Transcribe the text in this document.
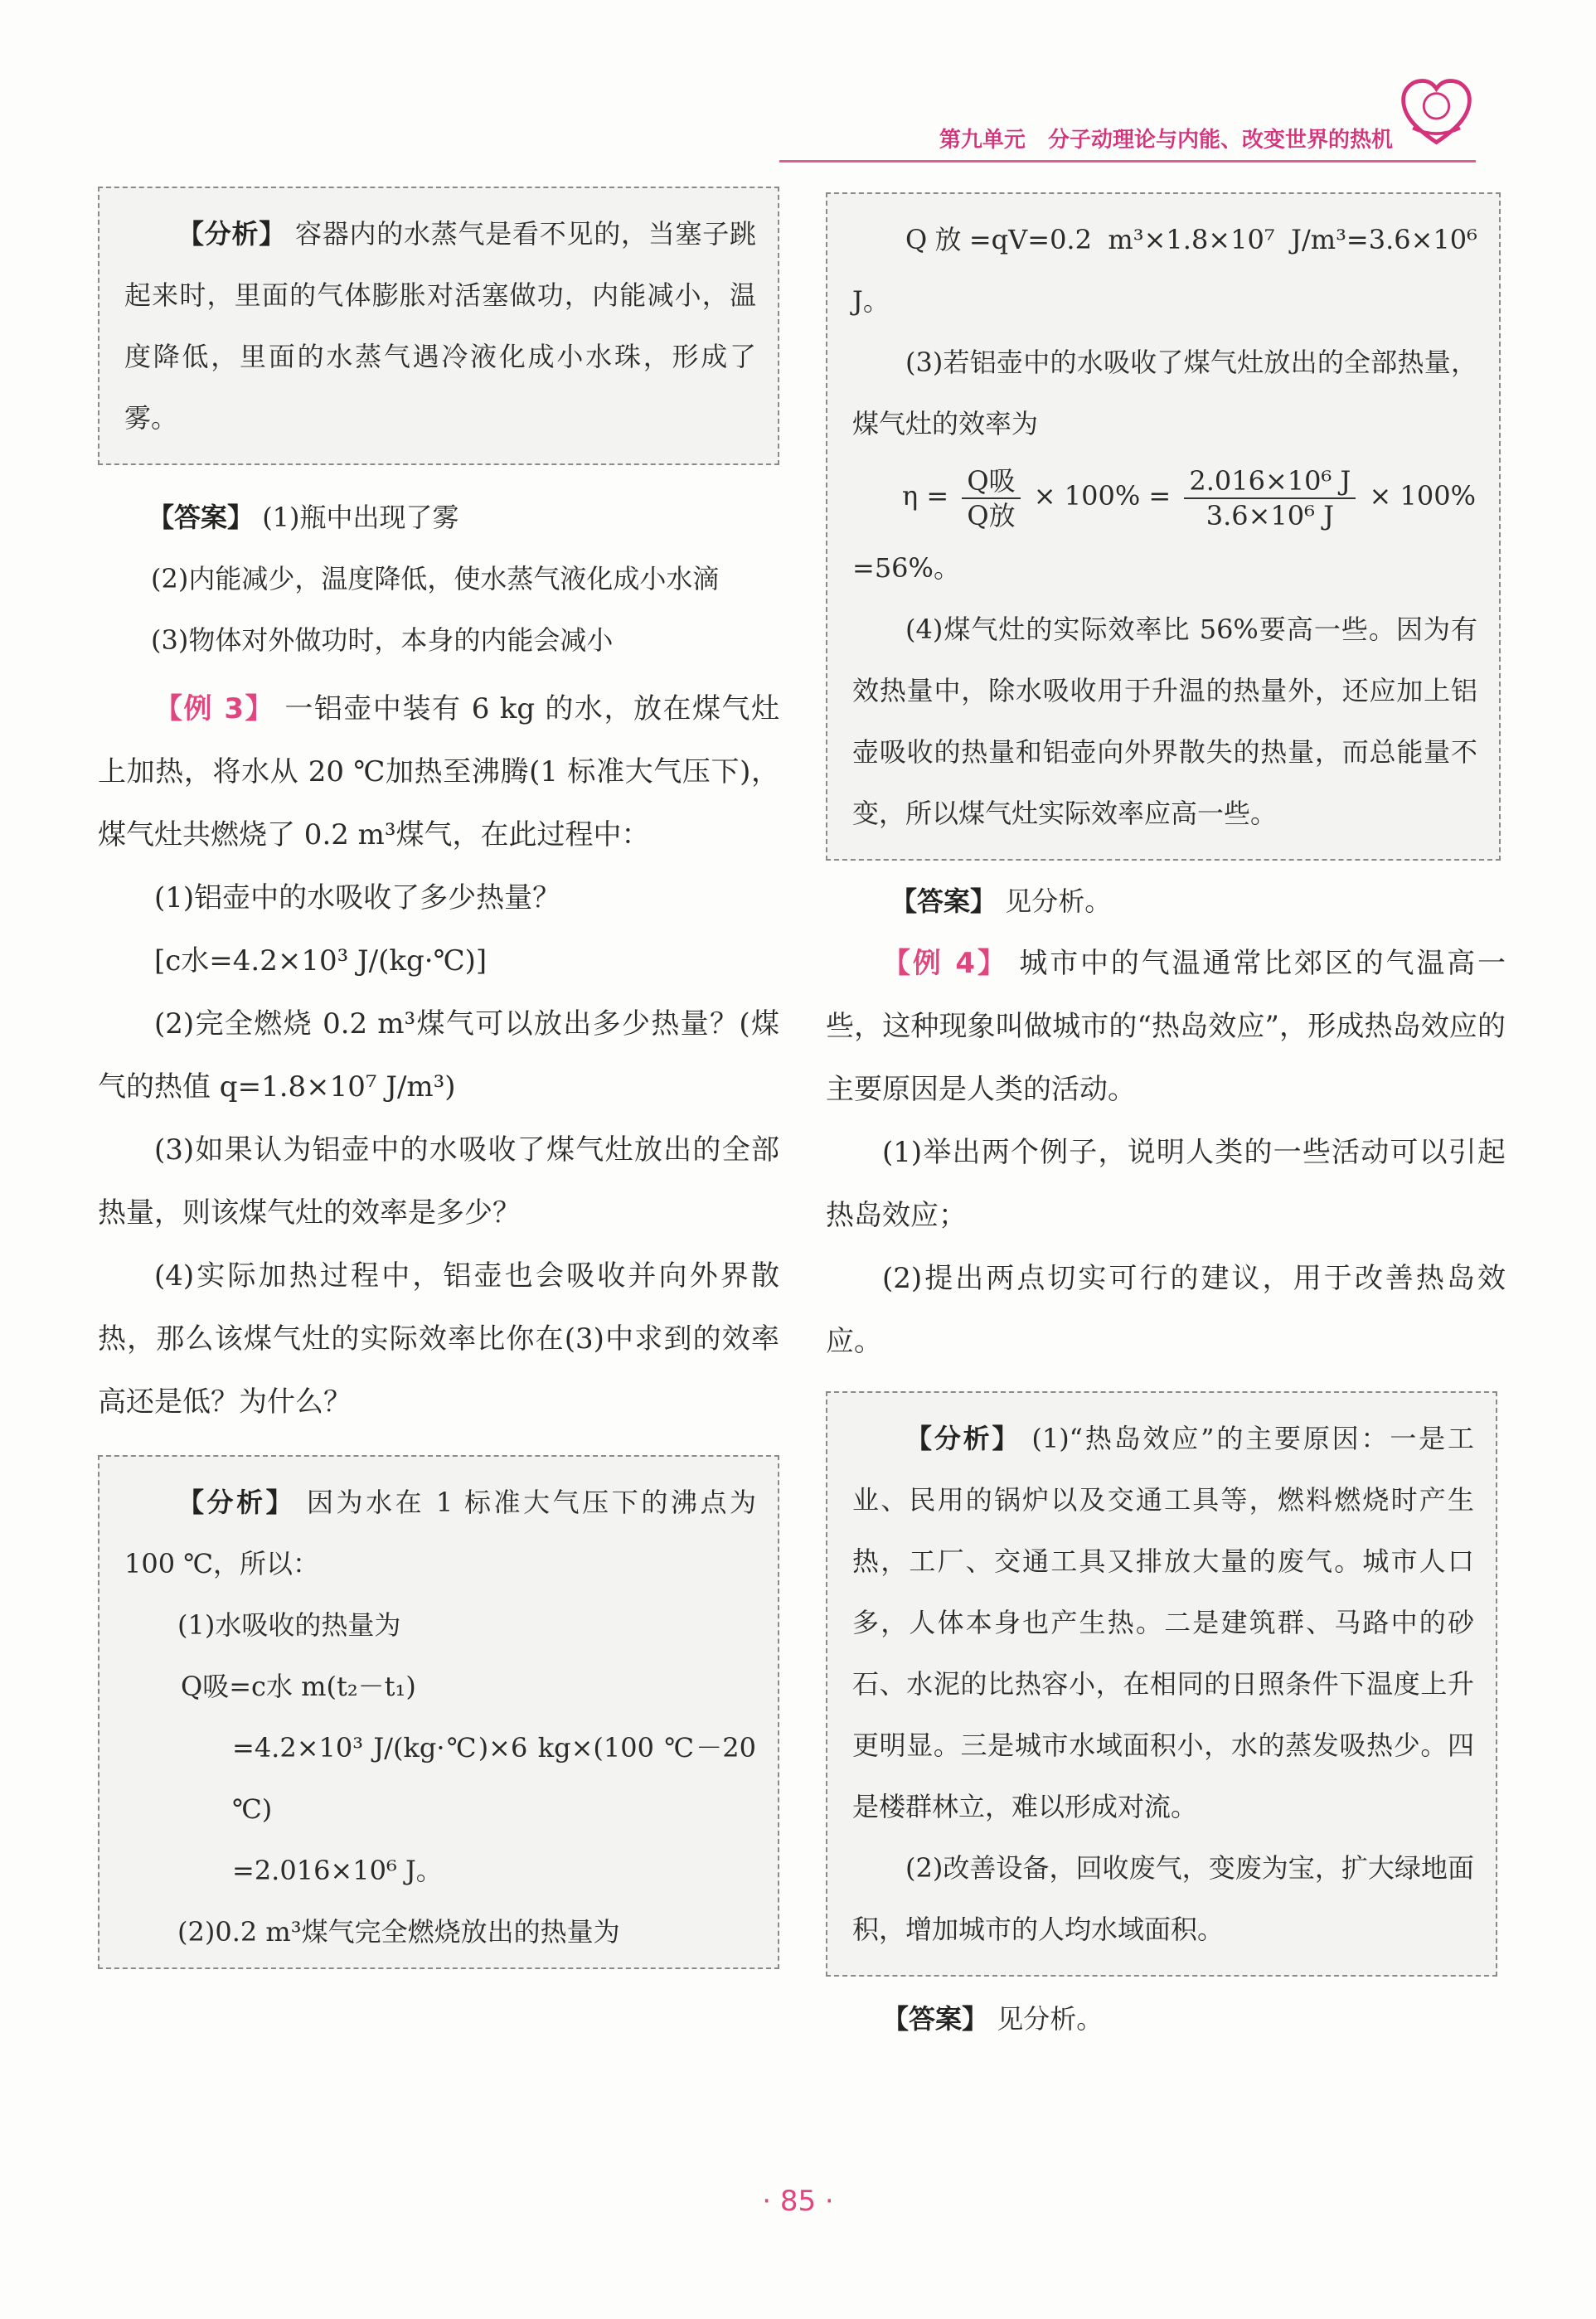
第九单元 分子动理论与内能、改变世界的热机

【分析】 容器内的水蒸气是看不见的，当塞子跳起来时，里面的气体膨胀对活塞做功，内能减小，温度降低，里面的水蒸气遇冷液化成小水珠，形成了雾。

【答案】 (1)瓶中出现了雾

(2)内能减少，温度降低，使水蒸气液化成小水滴

(3)物体对外做功时，本身的内能会减小

【例 3】 一铝壶中装有 6 kg 的水，放在煤气灶上加热，将水从 20 ℃加热至沸腾(1 标准大气压下)，煤气灶共燃烧了 0.2 m³煤气，在此过程中：

(1)铝壶中的水吸收了多少热量？

[c水=4.2×10³ J/(kg·℃)]

(2)完全燃烧 0.2 m³煤气可以放出多少热量？(煤气的热值 q=1.8×10⁷ J/m³)

(3)如果认为铝壶中的水吸收了煤气灶放出的全部热量，则该煤气灶的效率是多少？

(4)实际加热过程中，铝壶也会吸收并向外界散热，那么该煤气灶的实际效率比你在(3)中求到的效率高还是低？为什么？

【分析】 因为水在 1 标准大气压下的沸点为 100 ℃，所以：

(1)水吸收的热量为

Q吸=c水 m(t₂－t₁)

=4.2×10³ J/(kg·℃)×6 kg×(100 ℃－20 ℃)

=2.016×10⁶ J。

(2)0.2 m³煤气完全燃烧放出的热量为

Q放=qV=0.2 m³×1.8×10⁷ J/m³=3.6×10⁶ J。

(3)若铝壶中的水吸收了煤气灶放出的全部热量，煤气灶的效率为

$\eta = \frac{\text{Q吸}}{\text{Q放}} \times 100\% = \frac{\text{2.016×10⁶ J}}{\text{3.6×10⁶ J}} \times 100\%$

=56%。

(4)煤气灶的实际效率比 56%要高一些。因为有效热量中，除水吸收用于升温的热量外，还应加上铝壶吸收的热量和铝壶向外界散失的热量，而总能量不变，所以煤气灶实际效率应高一些。

【答案】 见分析。

【例 4】 城市中的气温通常比郊区的气温高一些，这种现象叫做城市的“热岛效应”，形成热岛效应的主要原因是人类的活动。

(1)举出两个例子，说明人类的一些活动可以引起热岛效应；

(2)提出两点切实可行的建议，用于改善热岛效应。

【分析】 (1)“热岛效应”的主要原因：一是工业、民用的锅炉以及交通工具等，燃料燃烧时产生热，工厂、交通工具又排放大量的废气。城市人口多，人体本身也产生热。二是建筑群、马路中的砂石、水泥的比热容小，在相同的日照条件下温度上升更明显。三是城市水域面积小，水的蒸发吸热少。四是楼群林立，难以形成对流。

(2)改善设备，回收废气，变废为宝，扩大绿地面积，增加城市的人均水域面积。

【答案】 见分析。

· 85 ·
